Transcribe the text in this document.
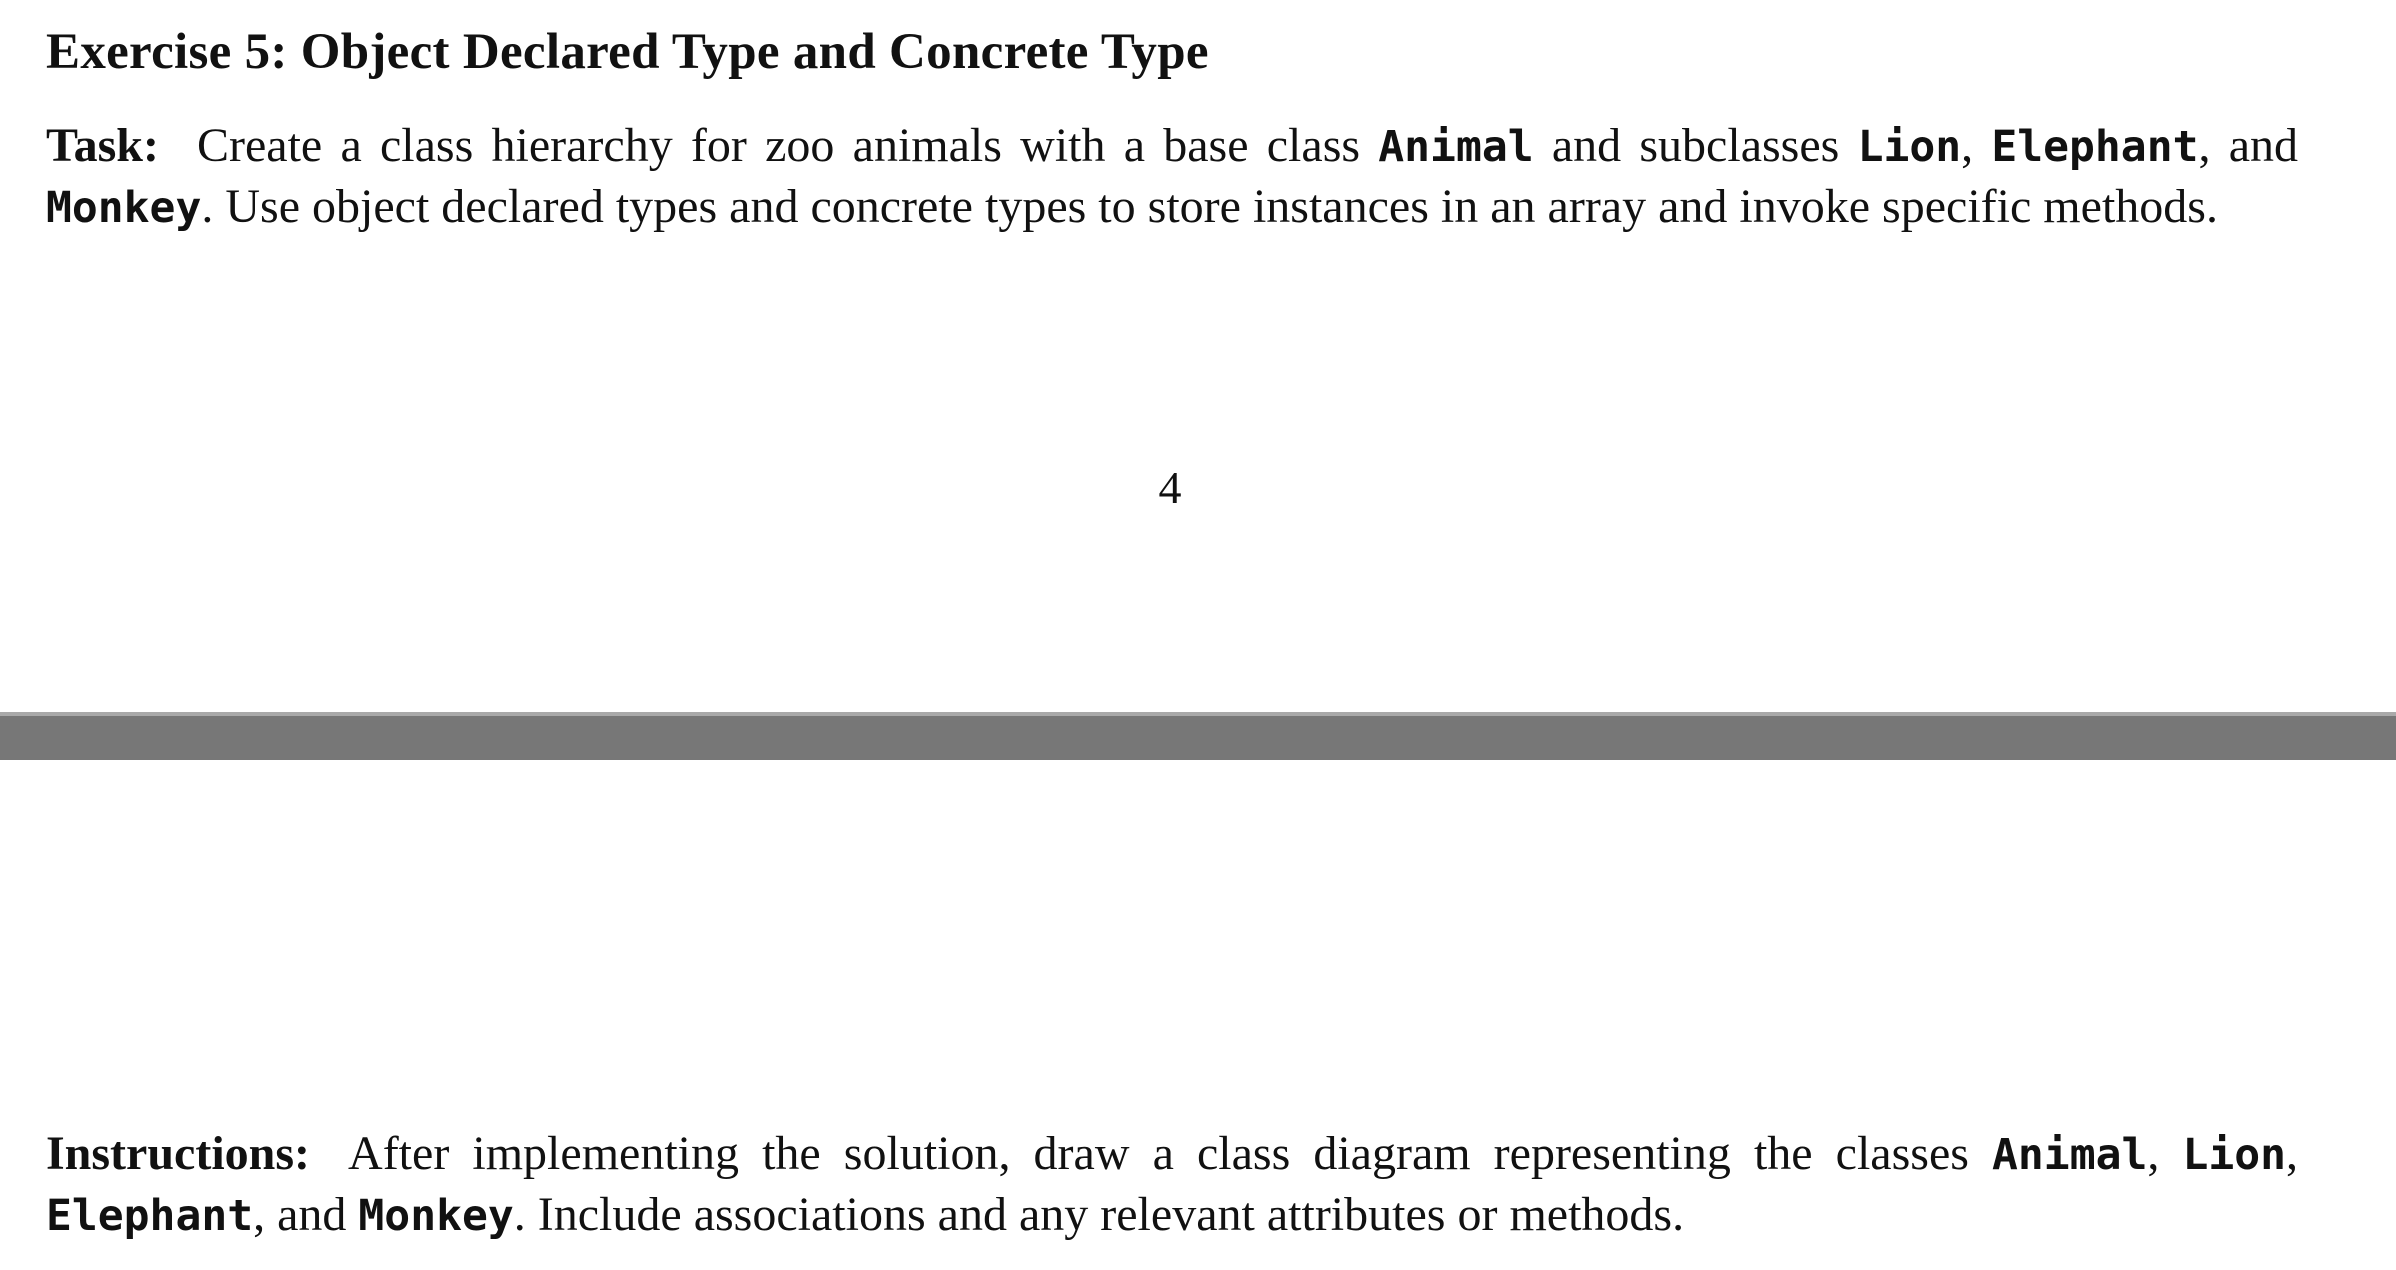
Exercise 5: Object Declared Type and Concrete Type
Task: Create a class hierarchy for zoo animals with a base class Animal and subclasses Lion, Elephant, and Monkey. Use object declared types and concrete types to store instances in an array and invoke specific methods.
4
Instructions: After implementing the solution, draw a class diagram representing the classes Animal, Lion, Elephant, and Monkey. Include associations and any relevant attributes or methods.
